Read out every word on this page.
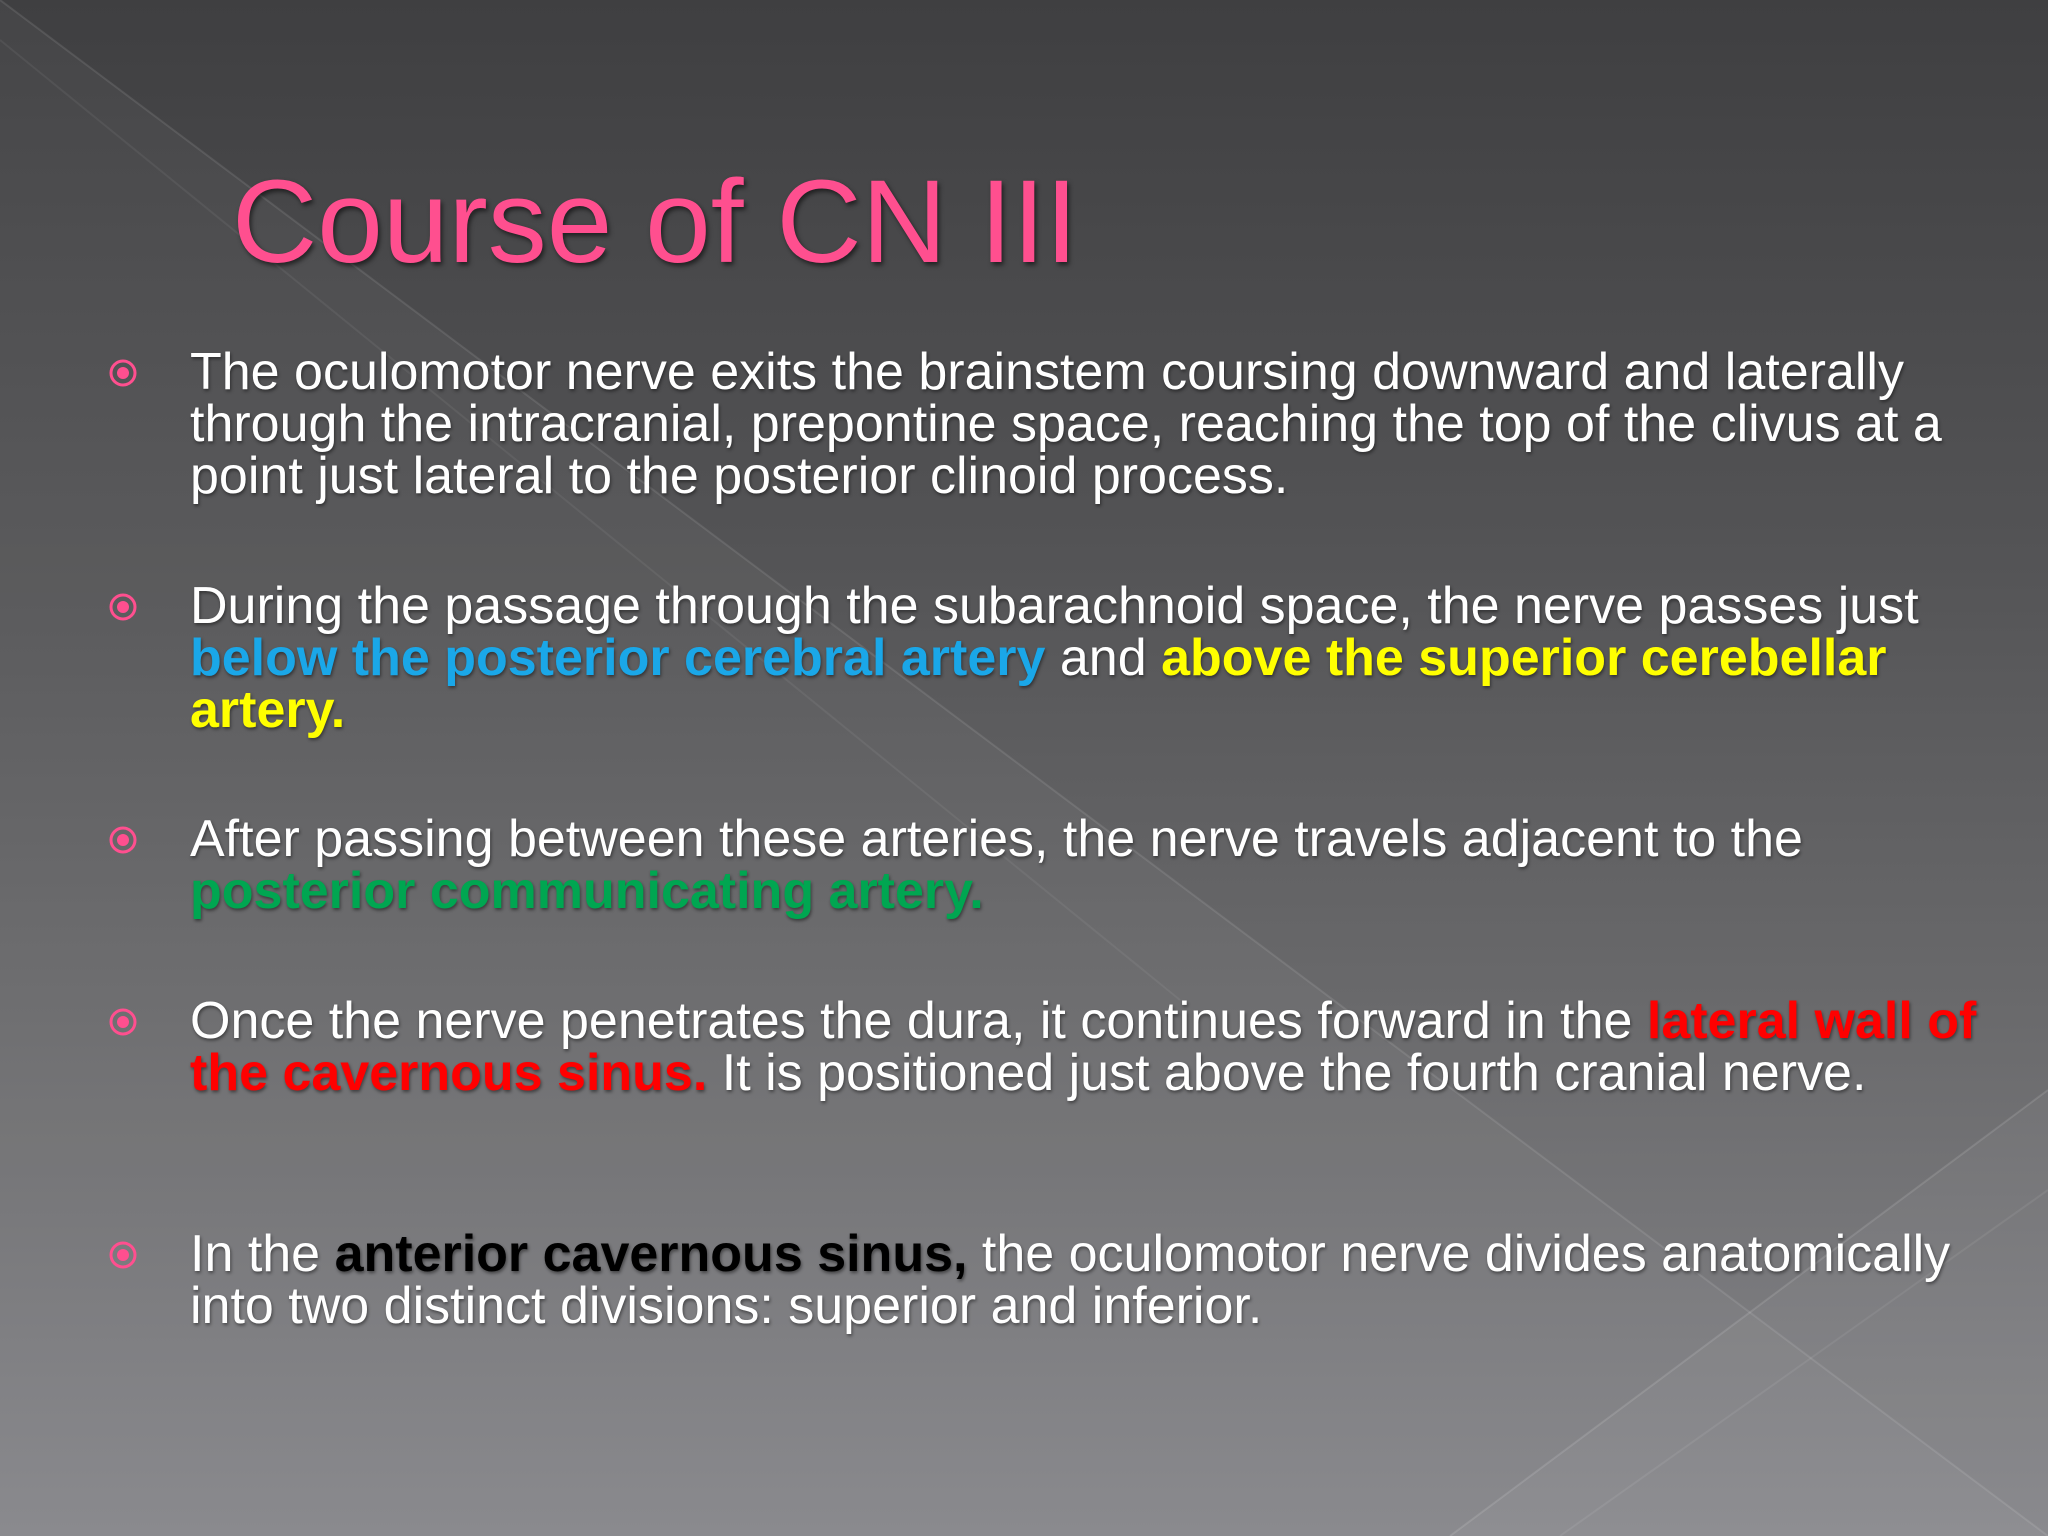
Course of CN III
The oculomotor nerve exits the brainstem coursing downward and laterally through the intracranial, prepontine space, reaching the top of the clivus at a point just lateral to the posterior clinoid process.
During the passage through the subarachnoid space, the nerve passes just below the posterior cerebral artery and above the superior cerebellar artery.
After passing between these arteries, the nerve travels adjacent to the posterior communicating artery.
Once the nerve penetrates the dura, it continues forward in the lateral wall of the cavernous sinus. It is positioned just above the fourth cranial nerve.
In the anterior cavernous sinus, the oculomotor nerve divides anatomically into two distinct divisions: superior and inferior.
